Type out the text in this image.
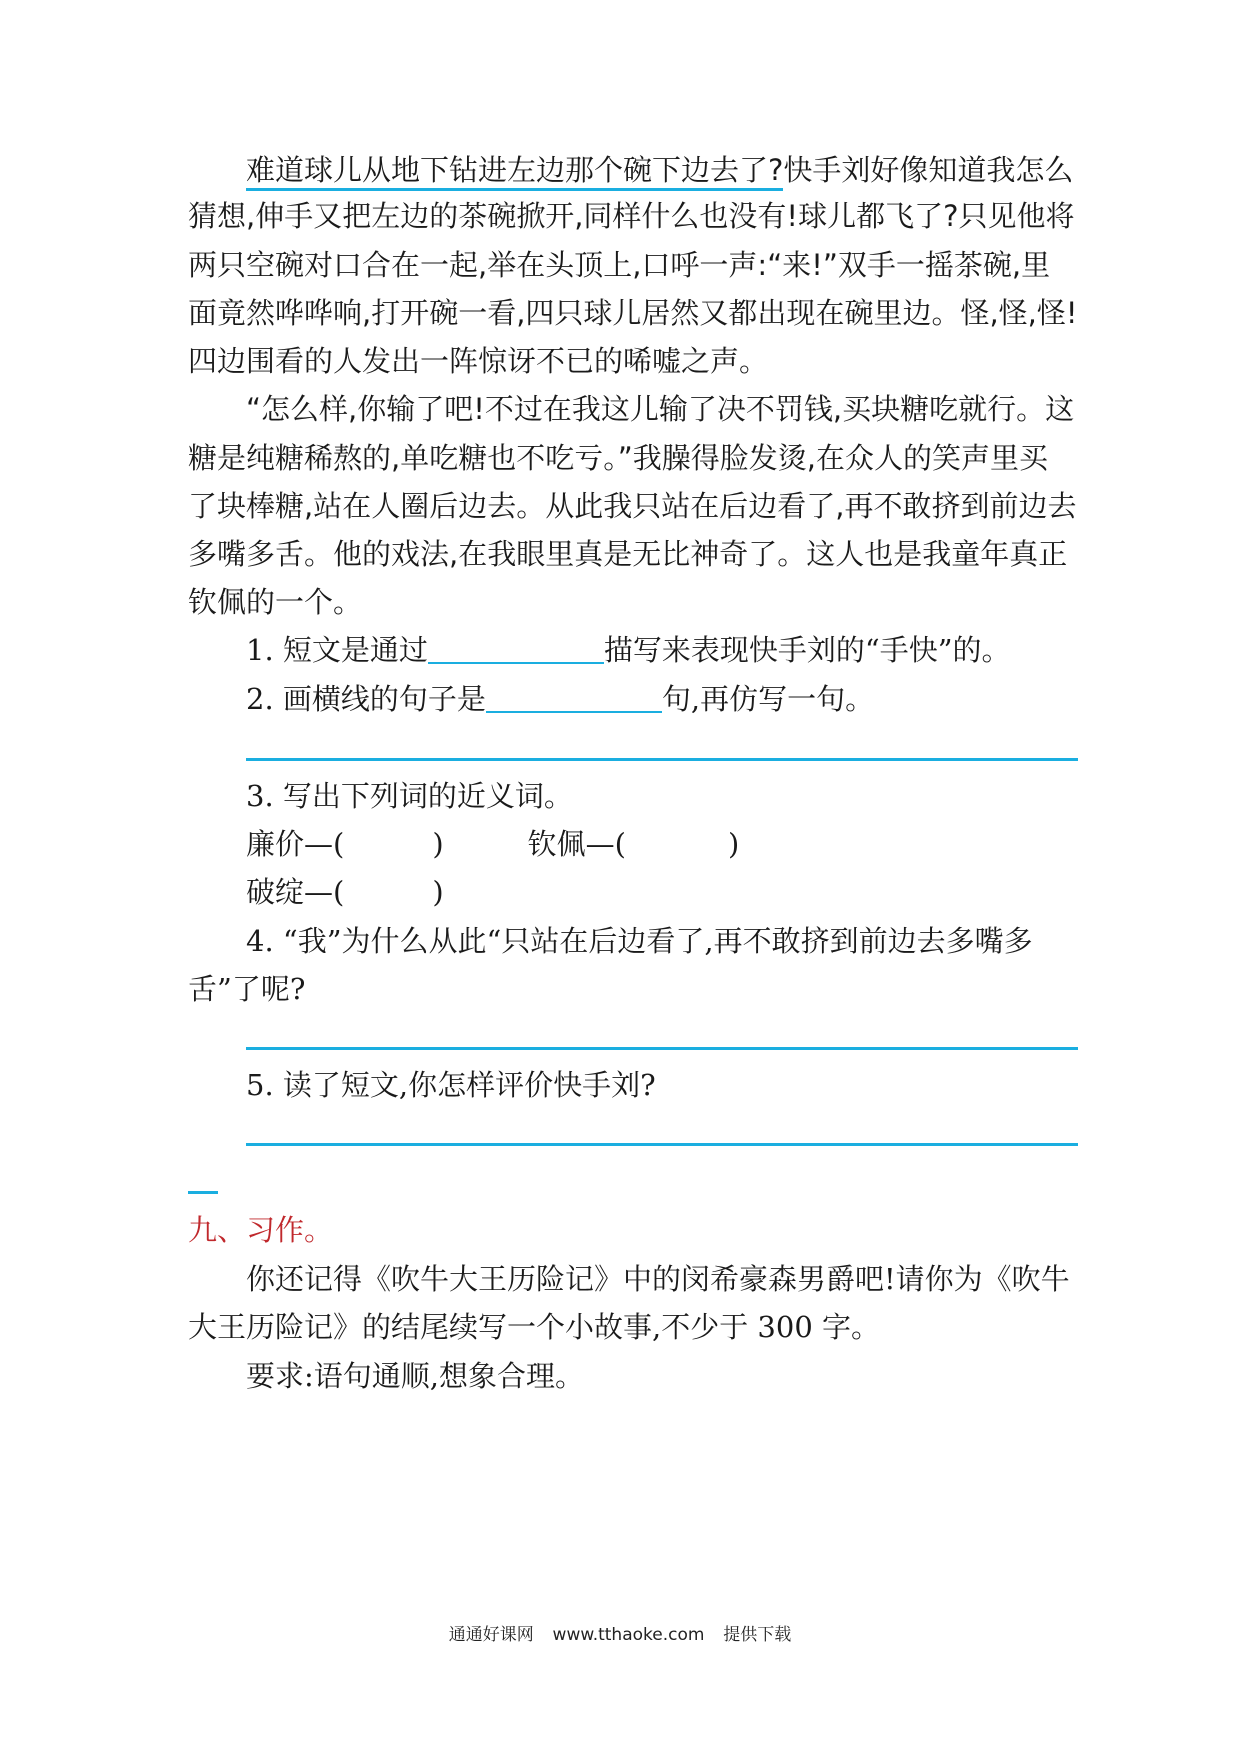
难道球儿从地下钻进左边那个碗下边去了?快手刘好像知道我怎么
猜想,伸手又把左边的茶碗掀开,同样什么也没有!球儿都飞了?只见他将
两只空碗对口合在一起,举在头顶上,口呼一声:“来!”双手一摇茶碗,里
面竟然哗哗响,打开碗一看,四只球儿居然又都出现在碗里边。怪,怪,怪!
四边围看的人发出一阵惊讶不已的唏嘘之声。
“怎么样,你输了吧!不过在我这儿输了决不罚钱,买块糖吃就行。这
糖是纯糖稀熬的,单吃糖也不吃亏。”我臊得脸发烫,在众人的笑声里买
了块棒糖,站在人圈后边去。从此我只站在后边看了,再不敢挤到前边去
多嘴多舌。他的戏法,在我眼里真是无比神奇了。这人也是我童年真正
钦佩的一个。
1. 短文是通过	描写来表现快手刘的“手快”的。
2. 画横线的句子是	句,再仿写一句。
3. 写出下列词的近义词。
廉价—(	)	钦佩—(	)
破绽—(	)
4. “我”为什么从此“只站在后边看了,再不敢挤到前边去多嘴多
舌”了呢?
5. 读了短文,你怎样评价快手刘?
九、习作。
你还记得《吹牛大王历险记》中的闵希豪森男爵吧!请你为《吹牛
大王历险记》的结尾续写一个小故事,不少于 300 字。
要求:语句通顺,想象合理。
通通好课网 www.tthaoke.com 提供下载
